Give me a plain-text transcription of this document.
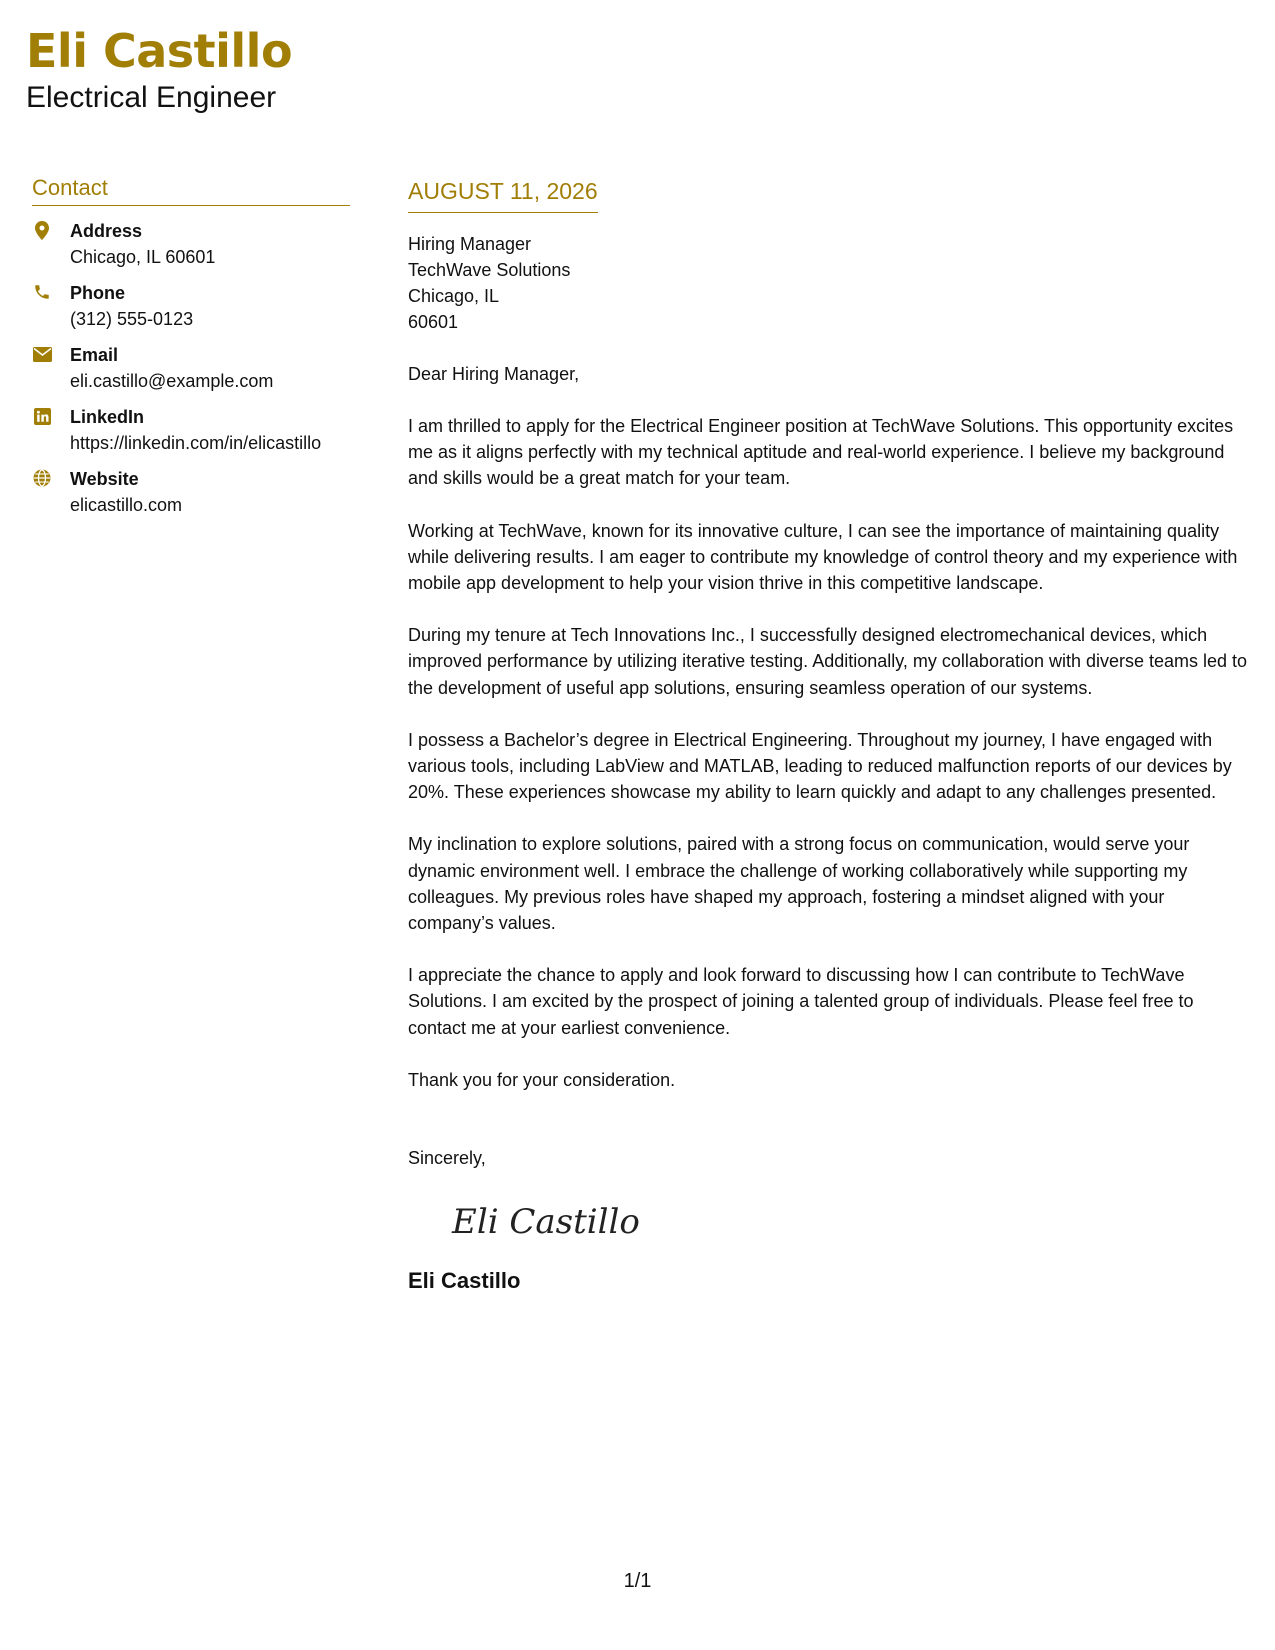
Eli Castillo
Electrical Engineer
Contact
Address
Chicago, IL 60601
Phone
(312) 555-0123
Email
eli.castillo@example.com
LinkedIn
https://linkedin.com/in/elicastillo
Website
elicastillo.com
AUGUST 11, 2026
Hiring Manager
TechWave Solutions
Chicago, IL
60601
Dear Hiring Manager,

I am thrilled to apply for the Electrical Engineer position at TechWave Solutions. This opportunity excites me as it aligns perfectly with my technical aptitude and real-world experience. I believe my background and skills would be a great match for your team.

Working at TechWave, known for its innovative culture, I can see the importance of maintaining quality while delivering results. I am eager to contribute my knowledge of control theory and my experience with mobile app development to help your vision thrive in this competitive landscape.

During my tenure at Tech Innovations Inc., I successfully designed electromechanical devices, which improved performance by utilizing iterative testing. Additionally, my collaboration with diverse teams led to the development of useful app solutions, ensuring seamless operation of our systems.

I possess a Bachelor’s degree in Electrical Engineering. Throughout my journey, I have engaged with various tools, including LabView and MATLAB, leading to reduced malfunction reports of our devices by 20%. These experiences showcase my ability to learn quickly and adapt to any challenges presented.

My inclination to explore solutions, paired with a strong focus on communication, would serve your dynamic environment well. I embrace the challenge of working collaboratively while supporting my colleagues. My previous roles have shaped my approach, fostering a mindset aligned with your company’s values.

I appreciate the chance to apply and look forward to discussing how I can contribute to TechWave Solutions. I am excited by the prospect of joining a talented group of individuals. Please feel free to contact me at your earliest convenience.

Thank you for your consideration.
Sincerely,
Eli Castillo
Eli Castillo
1/1
